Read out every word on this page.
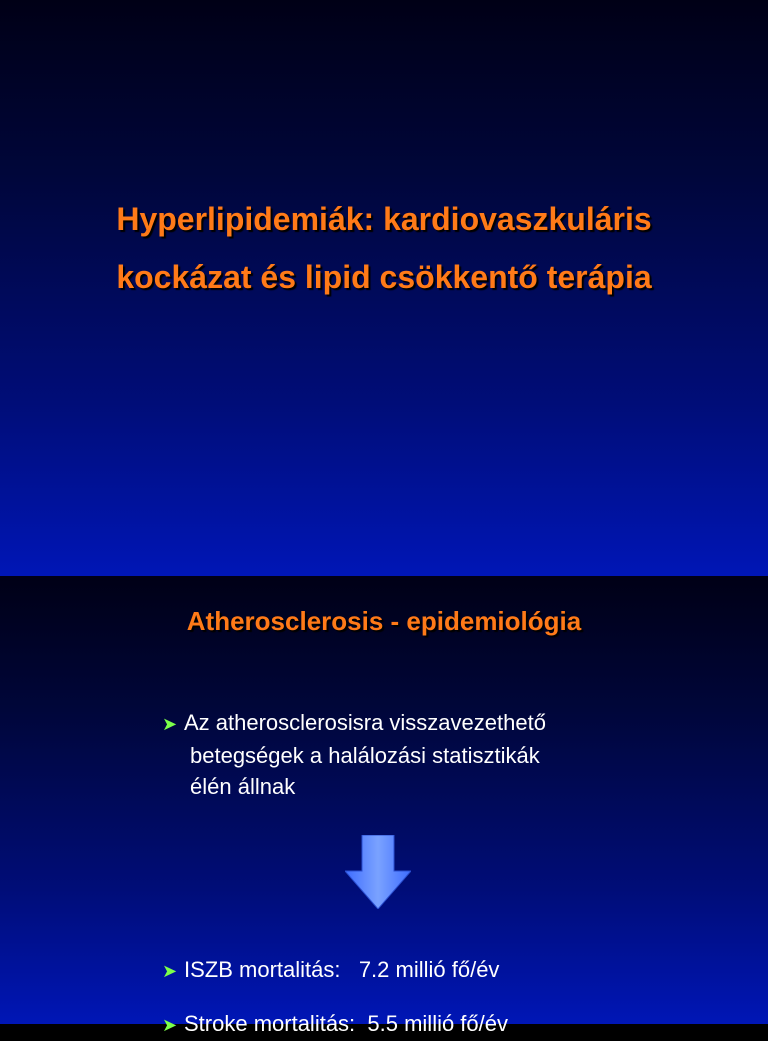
Hyperlipidemiák: kardiovaszkuláris
kockázat és lipid csökkentő terápia
Atherosclerosis - epidemiológia
➤ Az atherosclerosisra visszavezethető
betegségek a halálozási statisztikák
élén állnak
➤ ISZB mortalitás:   7.2 millió fő/év
➤ Stroke mortalitás:  5.5 millió fő/év
